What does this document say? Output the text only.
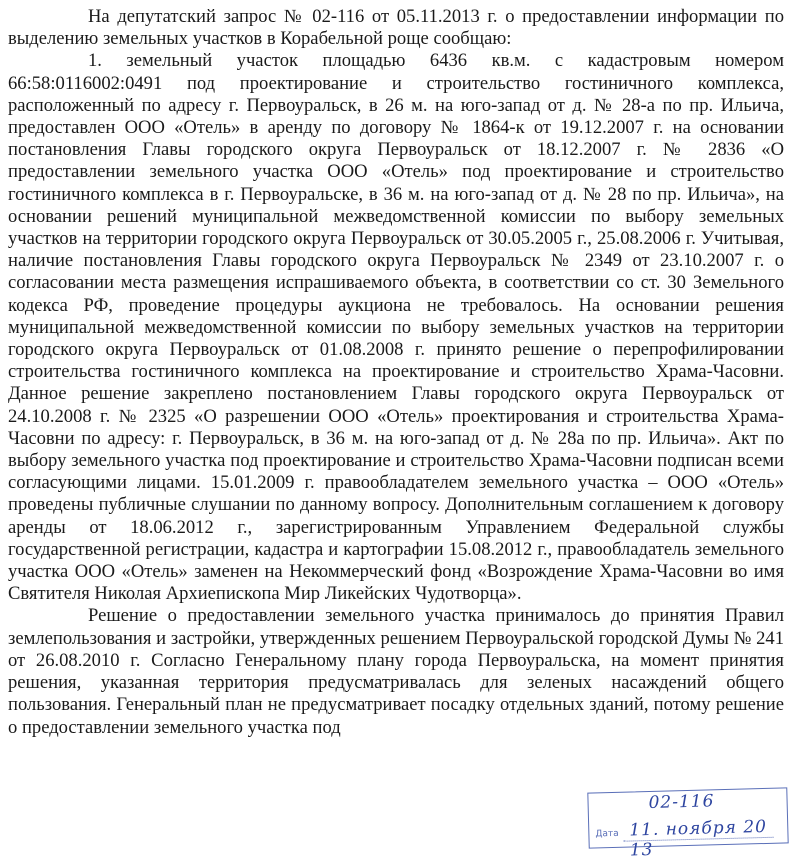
На депутатский запрос № 02-116 от 05.11.2013 г. о предоставлении информации по выделению земельных участков в Корабельной роще сообщаю:

1. земельный участок площадью 6436 кв.м. с кадастровым номером 66:58:0116002:0491 под проектирование и строительство гостиничного комплекса, расположенный по адресу г. Первоуральск, в 26 м. на юго-запад от д. № 28-а по пр. Ильича, предоставлен ООО «Отель» в аренду по договору № 1864-к от 19.12.2007 г. на основании постановления Главы городского округа Первоуральск от 18.12.2007 г. № 2836 «О предоставлении земельного участка ООО «Отель» под проектирование и строительство гостиничного комплекса в г. Первоуральске, в 36 м. на юго-запад от д. № 28 по пр. Ильича», на основании решений муниципальной межведомственной комиссии по выбору земельных участков на территории городского округа Первоуральск от 30.05.2005 г., 25.08.2006 г. Учитывая, наличие постановления Главы городского округа Первоуральск № 2349 от 23.10.2007 г. о согласовании места размещения испрашиваемого объекта, в соответствии со ст. 30 Земельного кодекса РФ, проведение процедуры аукциона не требовалось. На основании решения муниципальной межведомственной комиссии по выбору земельных участков на территории городского округа Первоуральск от 01.08.2008 г. принято решение о перепрофилировании строительства гостиничного комплекса на проектирование и строительство Храма-Часовни. Данное решение закреплено постановлением Главы городского округа Первоуральск от 24.10.2008 г. № 2325 «О разрешении ООО «Отель» проектирования и строительства Храма-Часовни по адресу: г. Первоуральск, в 36 м. на юго-запад от д. № 28а по пр. Ильича». Акт по выбору земельного участка под проектирование и строительство Храма-Часовни подписан всеми согласующими лицами. 15.01.2009 г. правообладателем земельного участка – ООО «Отель» проведены публичные слушании по данному вопросу. Дополнительным соглашением к договору аренды от 18.06.2012 г., зарегистрированным Управлением Федеральной службы государственной регистрации, кадастра и картографии 15.08.2012 г., правообладатель земельного участка ООО «Отель» заменен на Некоммерческий фонд «Возрождение Храма-Часовни во имя Святителя Николая Архиепископа Мир Ликейских Чудотворца».

Решение о предоставлении земельного участка принималось до принятия Правил землепользования и застройки, утвержденных решением Первоуральской городской Думы № 241 от 26.08.2010 г. Согласно Генеральному плану города Первоуральска, на момент принятия решения, указанная территория предусматривалась для зеленых насаждений общего пользования. Генеральный план не предусматривает посадку отдельных зданий, потому решение о предоставлении земельного участка под

02-116
Дата 11. ноября 20 13
